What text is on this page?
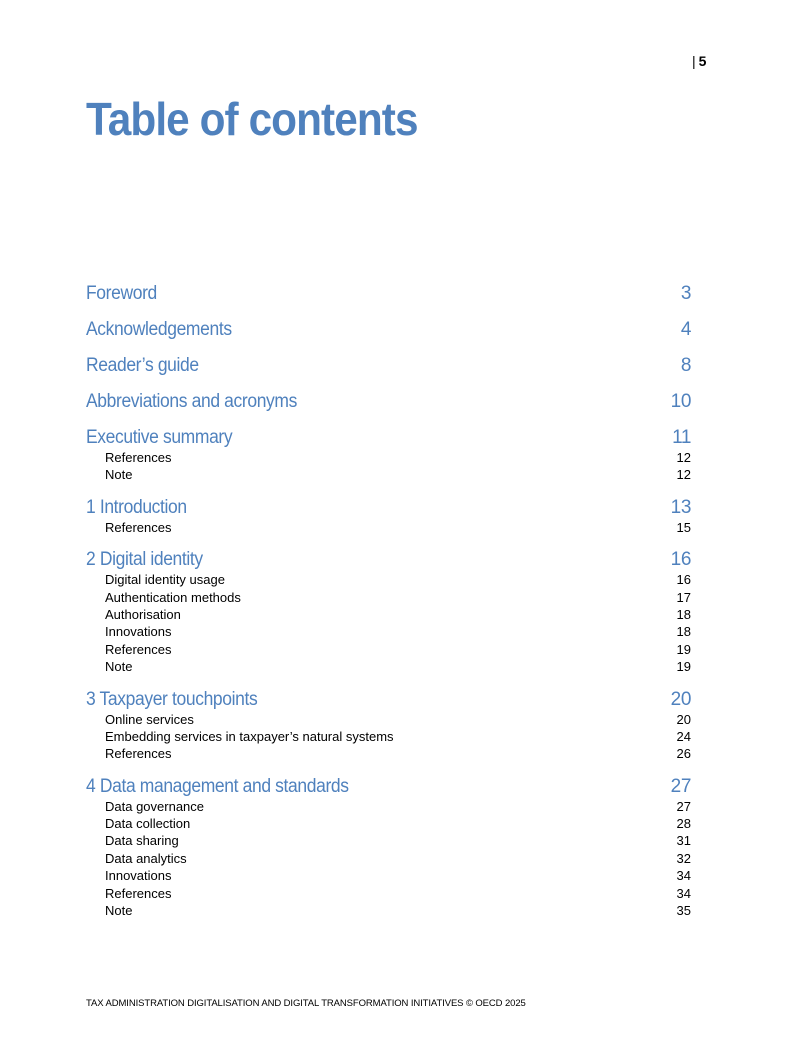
| 5
Table of contents
Foreword	3
Acknowledgements	4
Reader’s guide	8
Abbreviations and acronyms	10
Executive summary	11
References	12
Note	12
1 Introduction	13
References	15
2 Digital identity	16
Digital identity usage	16
Authentication methods	17
Authorisation	18
Innovations	18
References	19
Note	19
3 Taxpayer touchpoints	20
Online services	20
Embedding services in taxpayer’s natural systems	24
References	26
4 Data management and standards	27
Data governance	27
Data collection	28
Data sharing	31
Data analytics	32
Innovations	34
References	34
Note	35
TAX ADMINISTRATION DIGITALISATION AND DIGITAL TRANSFORMATION INITIATIVES © OECD 2025
